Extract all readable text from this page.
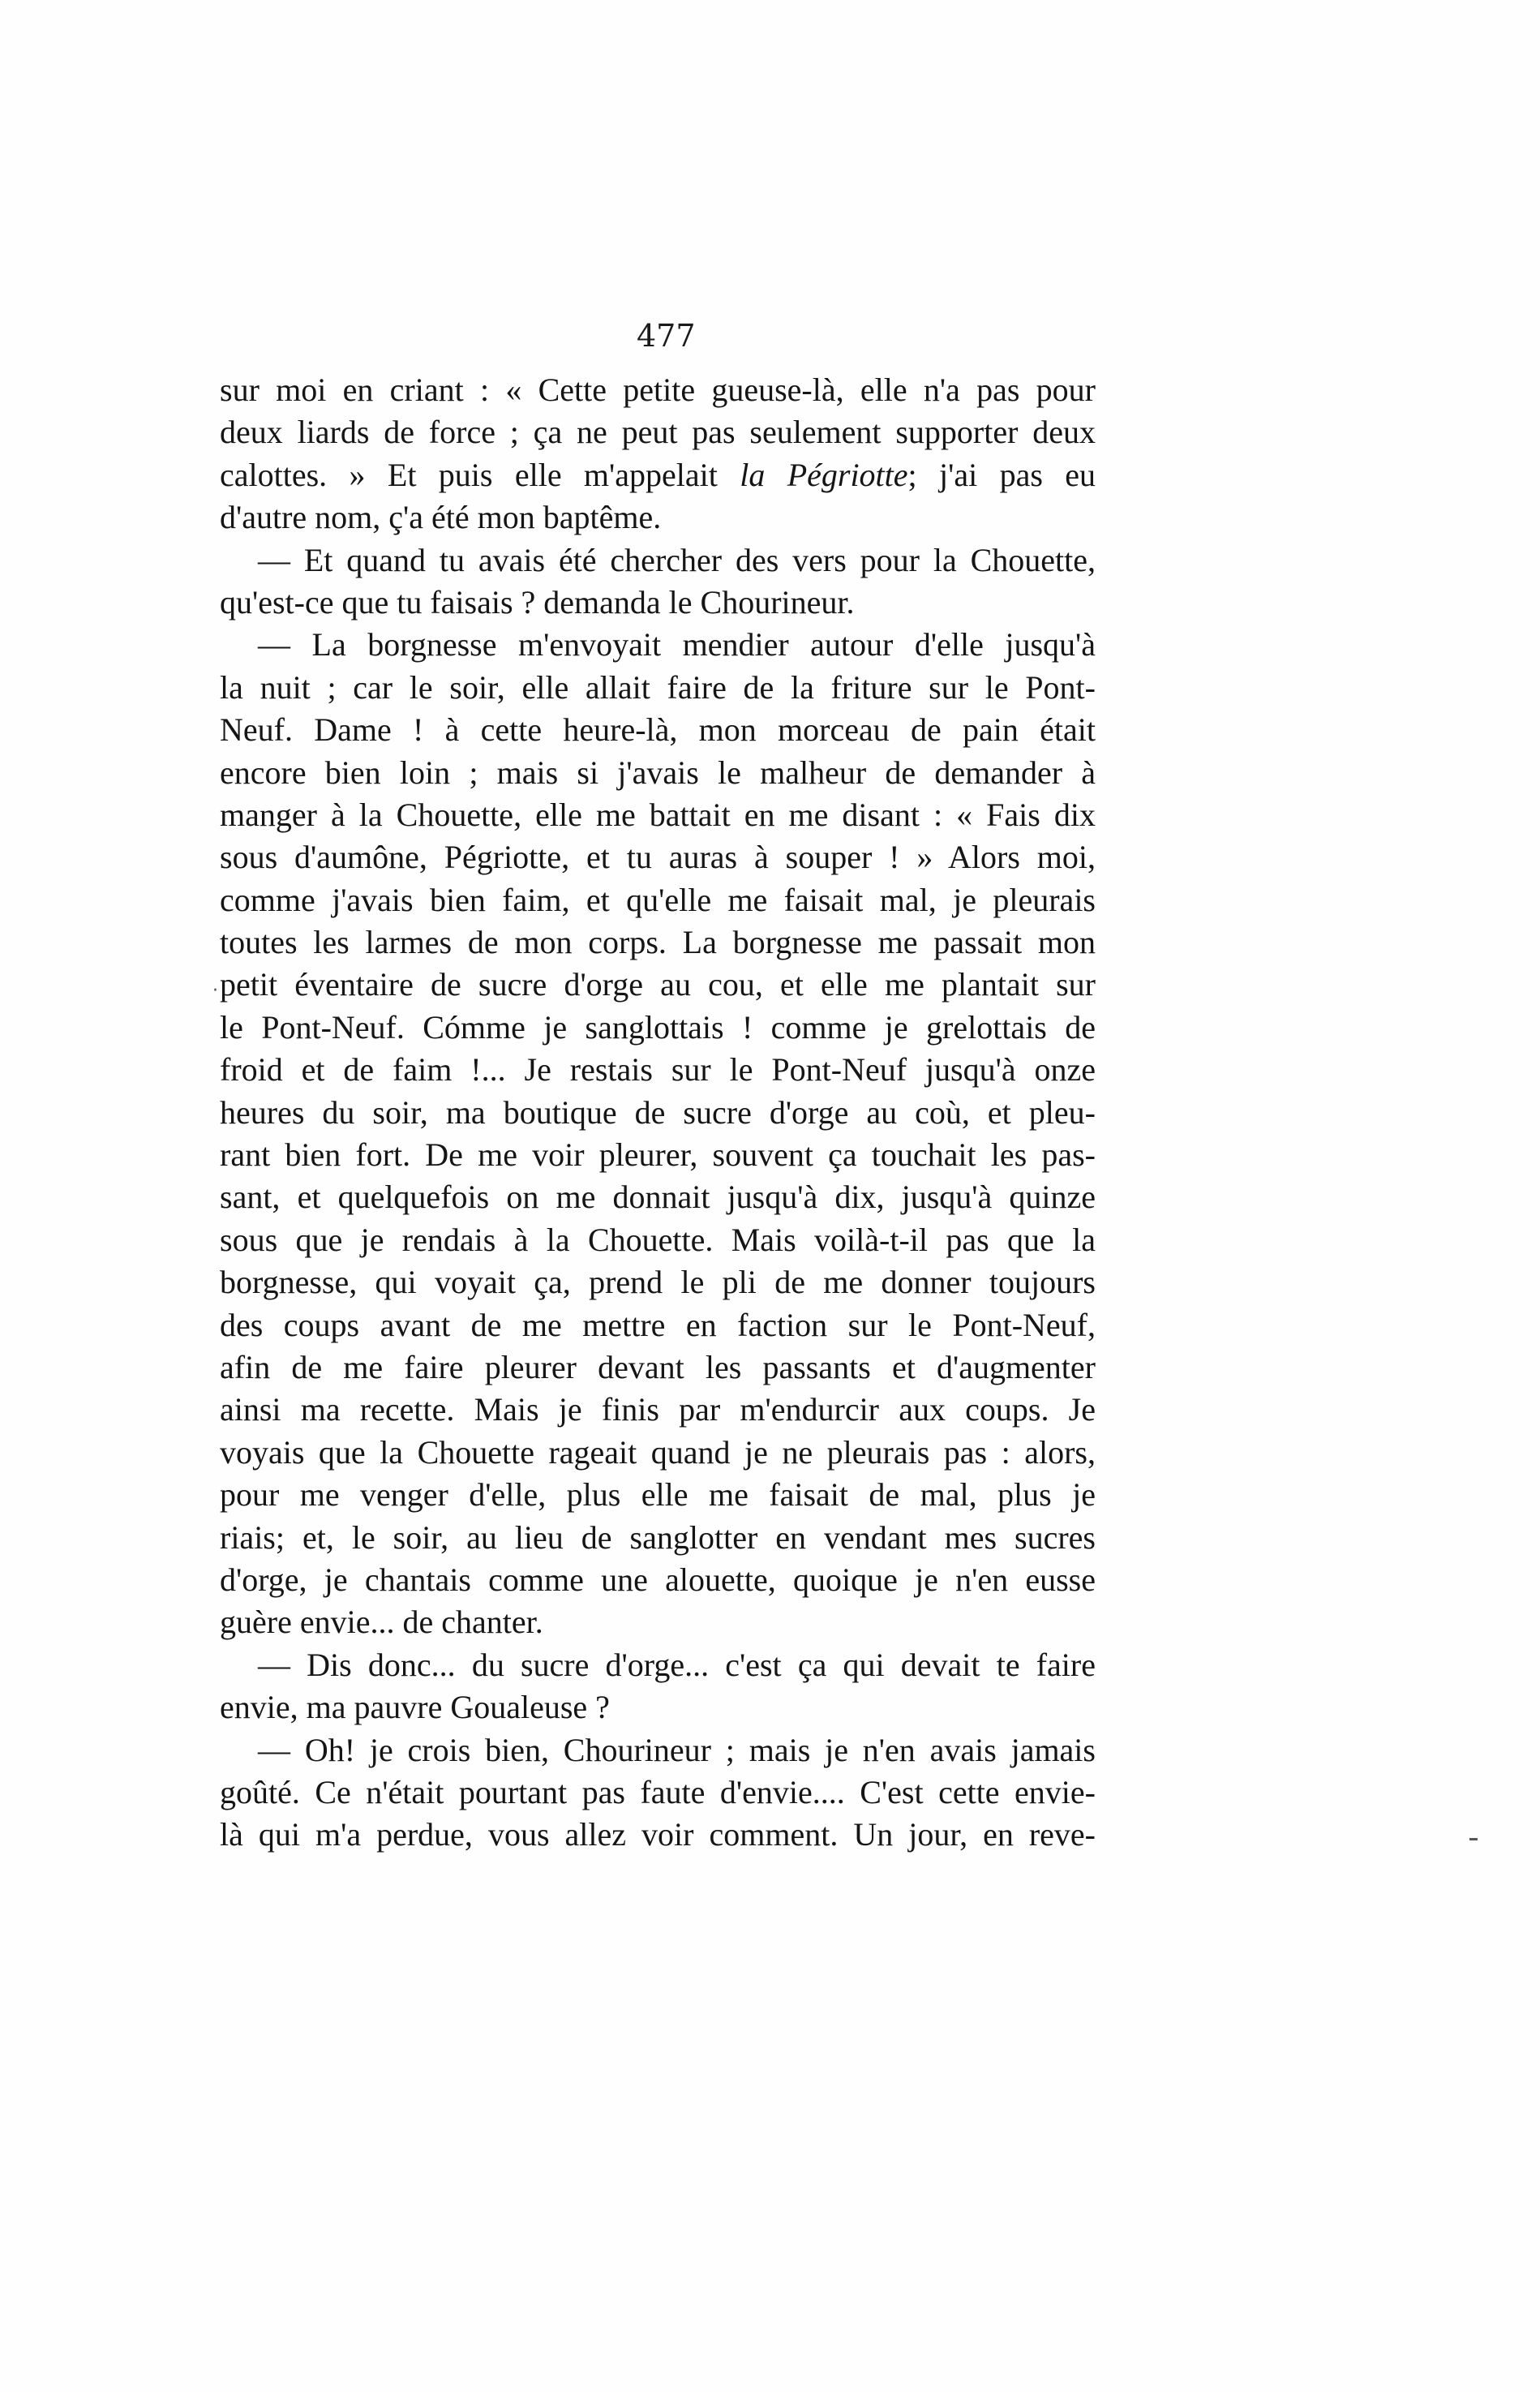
477
sur moi en criant : « Cette petite gueuse-là, elle n'a pas pour
deux liards de force ; ça ne peut pas seulement supporter deux
calottes. » Et puis elle m'appelait la Pégriotte; j'ai pas eu
d'autre nom, ç'a été mon baptême.
— Et quand tu avais été chercher des vers pour la Chouette,
qu'est-ce que tu faisais ? demanda le Chourineur.
— La borgnesse m'envoyait mendier autour d'elle jusqu'à
la nuit ; car le soir, elle allait faire de la friture sur le Pont-
Neuf. Dame ! à cette heure-là, mon morceau de pain était
encore bien loin ; mais si j'avais le malheur de demander à
manger à la Chouette, elle me battait en me disant : « Fais dix
sous d'aumône, Pégriotte, et tu auras à souper ! » Alors moi,
comme j'avais bien faim, et qu'elle me faisait mal, je pleurais
toutes les larmes de mon corps. La borgnesse me passait mon
petit éventaire de sucre d'orge au cou, et elle me plantait sur
le Pont-Neuf. Cómme je sanglottais ! comme je grelottais de
froid et de faim !... Je restais sur le Pont-Neuf jusqu'à onze
heures du soir, ma boutique de sucre d'orge au coù, et pleu-
rant bien fort. De me voir pleurer, souvent ça touchait les pas-
sant, et quelquefois on me donnait jusqu'à dix, jusqu'à quinze
sous que je rendais à la Chouette. Mais voilà-t-il pas que la
borgnesse, qui voyait ça, prend le pli de me donner toujours
des coups avant de me mettre en faction sur le Pont-Neuf,
afin de me faire pleurer devant les passants et d'augmenter
ainsi ma recette. Mais je finis par m'endurcir aux coups. Je
voyais que la Chouette rageait quand je ne pleurais pas : alors,
pour me venger d'elle, plus elle me faisait de mal, plus je
riais; et, le soir, au lieu de sanglotter en vendant mes sucres
d'orge, je chantais comme une alouette, quoique je n'en eusse
guère envie... de chanter.
— Dis donc... du sucre d'orge... c'est ça qui devait te faire
envie, ma pauvre Goualeuse ?
— Oh! je crois bien, Chourineur ; mais je n'en avais jamais
goûté. Ce n'était pourtant pas faute d'envie.... C'est cette envie-
là qui m'a perdue, vous allez voir comment. Un jour, en reve-
·
